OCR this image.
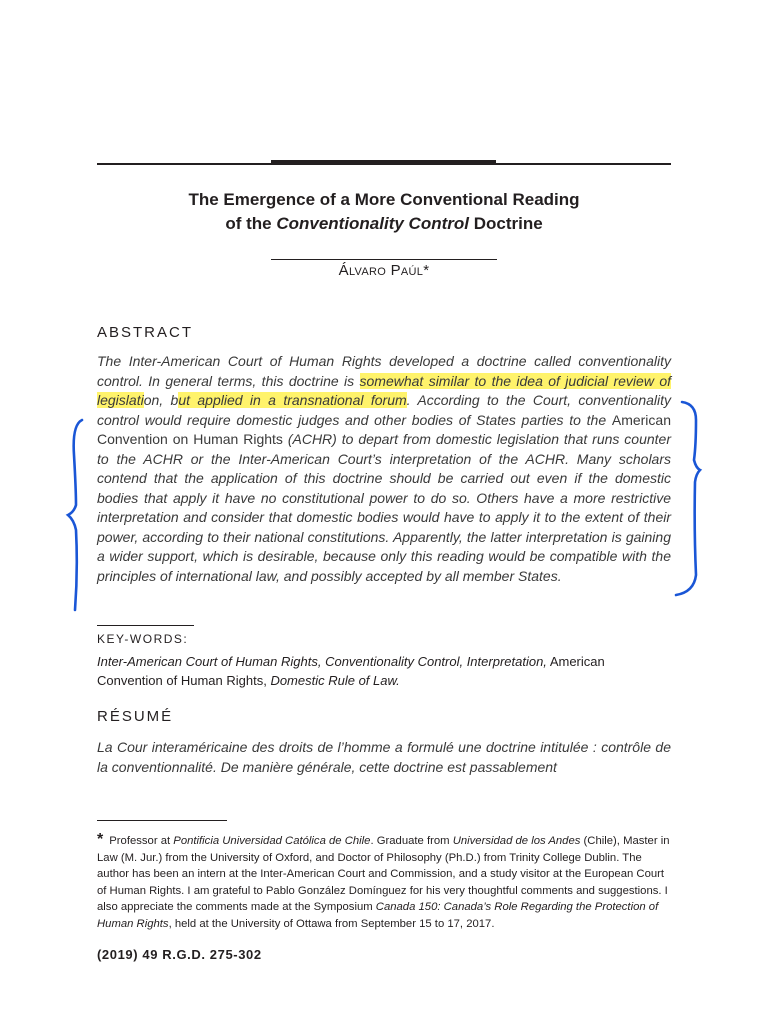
The Emergence of a More Conventional Reading
of the Conventionality Control Doctrine
Álvaro Paúl*
ABSTRACT
The Inter-American Court of Human Rights developed a doctrine called conventionality control. In general terms, this doctrine is somewhat similar to the idea of judicial review of legislation, but applied in a transnational forum. According to the Court, conventionality control would require domestic judges and other bodies of States parties to the American Convention on Human Rights (ACHR) to depart from domestic legislation that runs counter to the ACHR or the Inter-American Court’s interpretation of the ACHR. Many scholars contend that the application of this doctrine should be carried out even if the domestic bodies that apply it have no constitutional power to do so. Others have a more restrictive interpretation and consider that domestic bodies would have to apply it to the extent of their power, according to their national constitutions. Apparently, the latter interpretation is gaining a wider support, which is desirable, because only this reading would be compatible with the principles of international law, and possibly accepted by all member States.
KEY-WORDS:
Inter-American Court of Human Rights, Conventionality Control, Interpretation, American Convention of Human Rights, Domestic Rule of Law.
RÉSUMÉ
La Cour interaméricaine des droits de l’homme a formulé une doctrine intitulée : contrôle de la conventionnalité. De manière générale, cette doctrine est passablement
* Professor at Pontificia Universidad Católica de Chile. Graduate from Universidad de los Andes (Chile), Master in Law (M. Jur.) from the University of Oxford, and Doctor of Philosophy (Ph.D.) from Trinity College Dublin. The author has been an intern at the Inter-American Court and Commission, and a study visitor at the European Court of Human Rights. I am grateful to Pablo González Domínguez for his very thoughtful comments and suggestions. I also appreciate the comments made at the Symposium Canada 150: Canada’s Role Regarding the Protection of Human Rights, held at the University of Ottawa from September 15 to 17, 2017.
(2019) 49 R.G.D. 275-302
